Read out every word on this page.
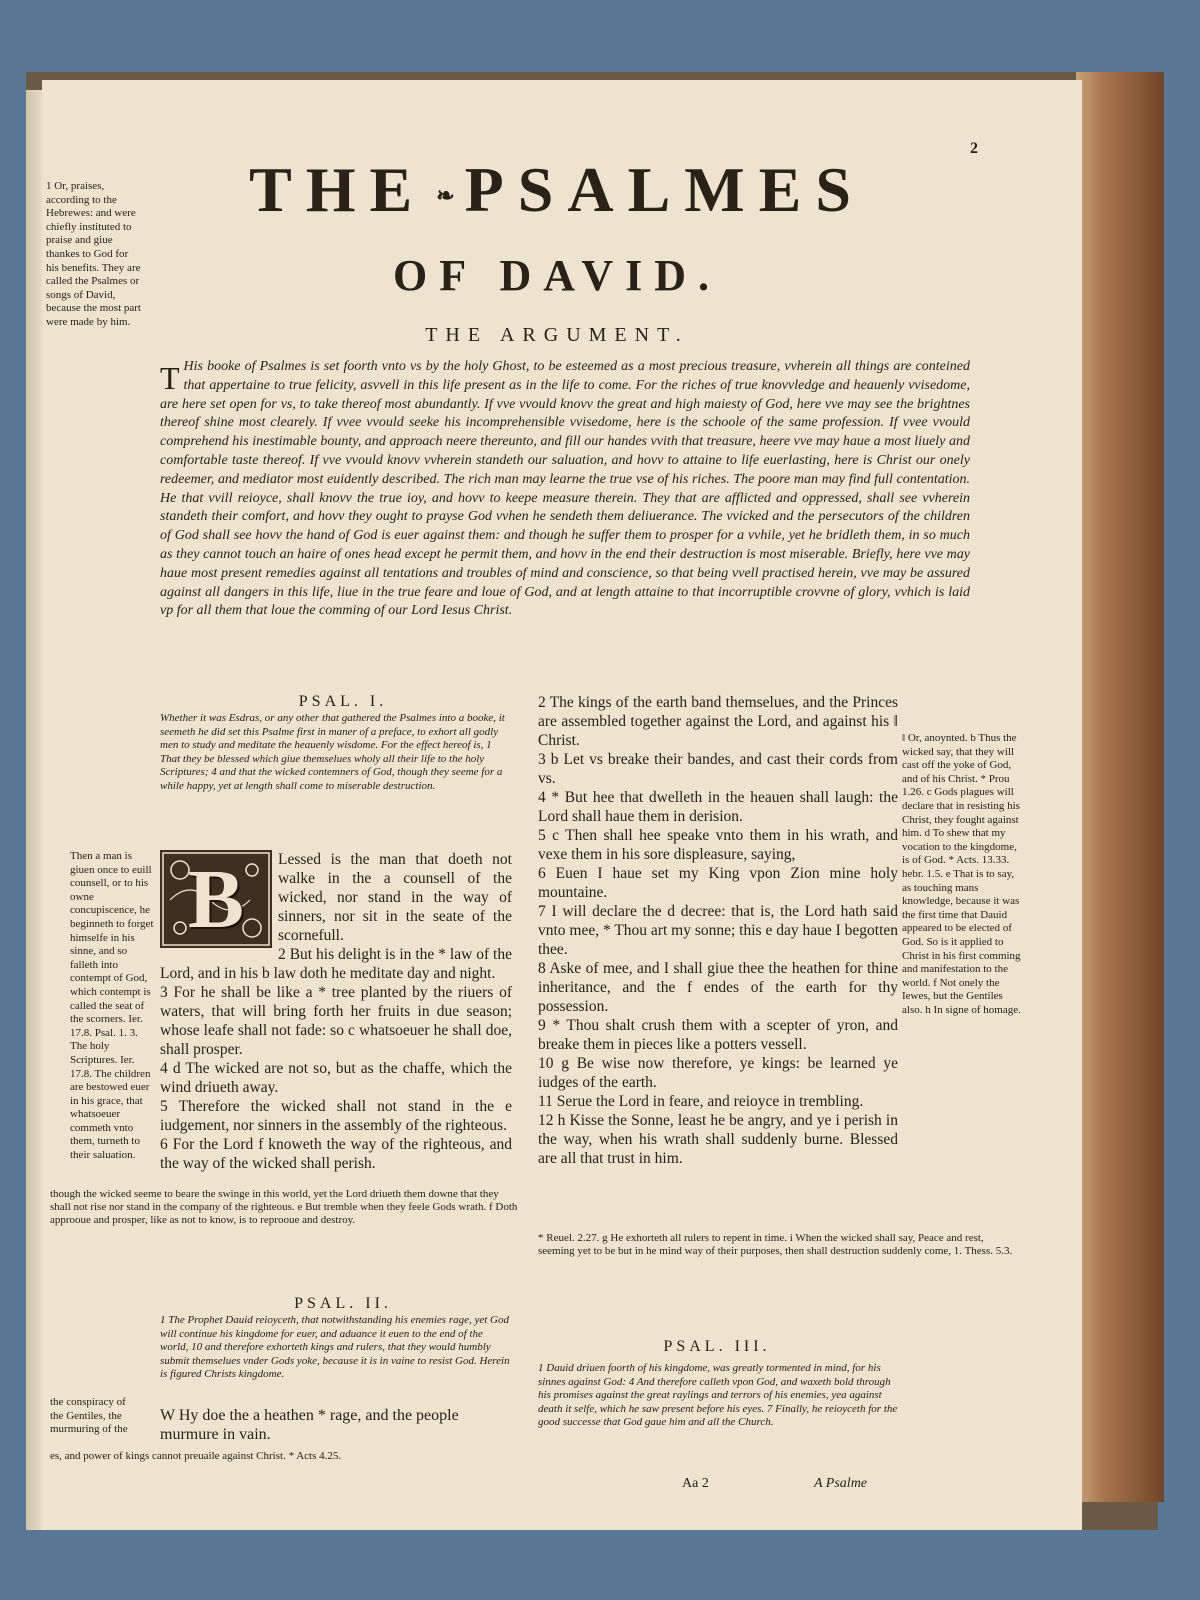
2
THE ❧ PSALMES
OF DAVID.
THE ARGUMENT.
T His booke of Psalmes is set foorth vnto vs by the holy Ghost, to be esteemed as a most precious treasure, vvherein all things are conteined that appertaine to true felicity, asvvell in this life present as in the life to come. For the riches of true knovvledge and heauenly vvisedome, are here set open for vs, to take thereof most abundantly. If vve vvould knovv the great and high maiesty of God, here vve may see the brightnes thereof shine most clearely. If vvee vvould seeke his incomprehensible vvisedome, here is the schoole of the same profession. If vvee vvould comprehend his inestimable bounty, and approach neere thereunto, and fill our handes vvith that treasure, heere vve may haue a most liuely and comfortable taste thereof. If vve vvould knovv vvherein standeth our saluation, and hovv to attaine to life euerlasting, here is Christ our onely redeemer, and mediator most euidently described. The rich man may learne the true vse of his riches. The poore man may find full contentation. He that vvill reioyce, shall knovv the true ioy, and hovv to keepe measure therein. They that are afflicted and oppressed, shall see vvherein standeth their comfort, and hovv they ought to prayse God vvhen he sendeth them deliuerance. The vvicked and the persecutors of the children of God shall see hovv the hand of God is euer against them: and though he suffer them to prosper for a vvhile, yet he bridleth them, in so much as they cannot touch an haire of ones head except he permit them, and hovv in the end their destruction is most miserable. Briefly, here vve may haue most present remedies against all tentations and troubles of mind and conscience, so that being vvell practised herein, vve may be assured against all dangers in this life, liue in the true feare and loue of God, and at length attaine to that incorruptible crovvne of glory, vvhich is laid vp for all them that loue the comming of our Lord Iesus Christ.
1 Or, praises, according to the Hebrewes: and were chiefly instituted to praise and giue thankes to God for his benefits. They are called the Psalmes or songs of David, because the most part were made by him.
Then a man is giuen once to euill counsell, or to his owne concupiscence, he beginneth to forget himselfe in his sinne, and so falleth into contempt of God, which contempt is called the seat of the scorners. Ier. 17.8. Psal. 1. 3. The holy Scriptures. Ier. 17.8. The children are bestowed euer in his grace, that whatsoeuer commeth vnto them, turneth to their saluation.
the conspiracy of the Gentiles, the murmuring of the
‖ Or, anoynted. b Thus the wicked say, that they will cast off the yoke of God, and of his Christ. * Prou 1.26. c Gods plagues will declare that in resisting his Christ, they fought against him. d To shew that my vocation to the kingdome, is of God. * Acts. 13.33. hebr. 1.5. e That is to say, as touching mans knowledge, because it was the first time that Dauid appeared to be elected of God. So is it applied to Christ in his first comming and manifestation to the world. f Not onely the Iewes, but the Gentiles also. h In signe of homage.
PSAL. I.
Whether it was Esdras, or any other that gathered the Psalmes into a booke, it seemeth he did set this Psalme first in maner of a preface, to exhort all godly men to study and meditate the heauenly wisdome. For the effect hereof is, 1 That they be blessed which giue themselues wholy all their life to the holy Scriptures; 4 and that the wicked contemners of God, though they seeme for a while happy, yet at length shall come to miserable destruction.
B	Lessed is the man that doeth not walke in the a counsell of the wicked, nor stand in the way of sinners, nor sit in the seate of the scornefull.
2 But his delight is in the * law of the Lord, and in his b law doth he meditate day and night.
3 For he shall be like a * tree planted by the riuers of waters, that will bring forth her fruits in due season; whose leafe shall not fade: so c whatsoeuer he shall doe, shall prosper.
4 d The wicked are not so, but as the chaffe, which the wind driueth away.
5 Therefore the wicked shall not stand in the e iudgement, nor sinners in the assembly of the righteous.
6 For the Lord f knoweth the way of the righteous, and the way of the wicked shall perish.
2 The kings of the earth band themselues, and the Princes are assembled together against the Lord, and against his ‖ Christ.
3 b Let vs breake their bandes, and cast their cords from vs.
4 * But hee that dwelleth in the heauen shall laugh: the Lord shall haue them in derision.
5 c Then shall hee speake vnto them in his wrath, and vexe them in his sore displeasure, saying,
6 Euen I haue set my King vpon Zion mine holy mountaine.
7 I will declare the d decree: that is, the Lord hath said vnto mee, * Thou art my sonne; this e day haue I begotten thee.
8 Aske of mee, and I shall giue thee the heathen for thine inheritance, and the f endes of the earth for thy possession.
9 * Thou shalt crush them with a scepter of yron, and breake them in pieces like a potters vessell.
10 g Be wise now therefore, ye kings: be learned ye iudges of the earth.
11 Serue the Lord in feare, and reioyce in trembling.
12 h Kisse the Sonne, least he be angry, and ye i perish in the way, when his wrath shall suddenly burne. Blessed are all that trust in him.
though the wicked seeme to beare the swinge in this world, yet the Lord driueth them downe that they shall not rise nor stand in the company of the righteous. e But tremble when they feele Gods wrath. f Doth approoue and prosper, like as not to know, is to reprooue and destroy.
* Reuel. 2.27. g He exhorteth all rulers to repent in time. i When the wicked shall say, Peace and rest, seeming yet to be but in he mind way of their purposes, then shall destruction suddenly come, 1. Thess. 5.3.
PSAL. II.
1 The Prophet Dauid reioyceth, that notwithstanding his enemies rage, yet God will continue his kingdome for euer, and aduance it euen to the end of the world, 10 and therefore exhorteth kings and rulers, that they would humbly submit themselues vnder Gods yoke, because it is in vaine to resist God. Herein is figured Christs kingdome.
W Hy doe the a heathen * rage, and the people murmure in vain.
es, and power of kings cannot preuaile against Christ. * Acts 4.25.
PSAL. III.
1 Dauid driuen foorth of his kingdome, was greatly tormented in mind, for his sinnes against God: 4 And therefore calleth vpon God, and waxeth bold through his promises against the great raylings and terrors of his enemies, yea against death it selfe, which he saw present before his eyes. 7 Finally, he reioyceth for the good successe that God gaue him and all the Church.
Aa 2	A Psalme
